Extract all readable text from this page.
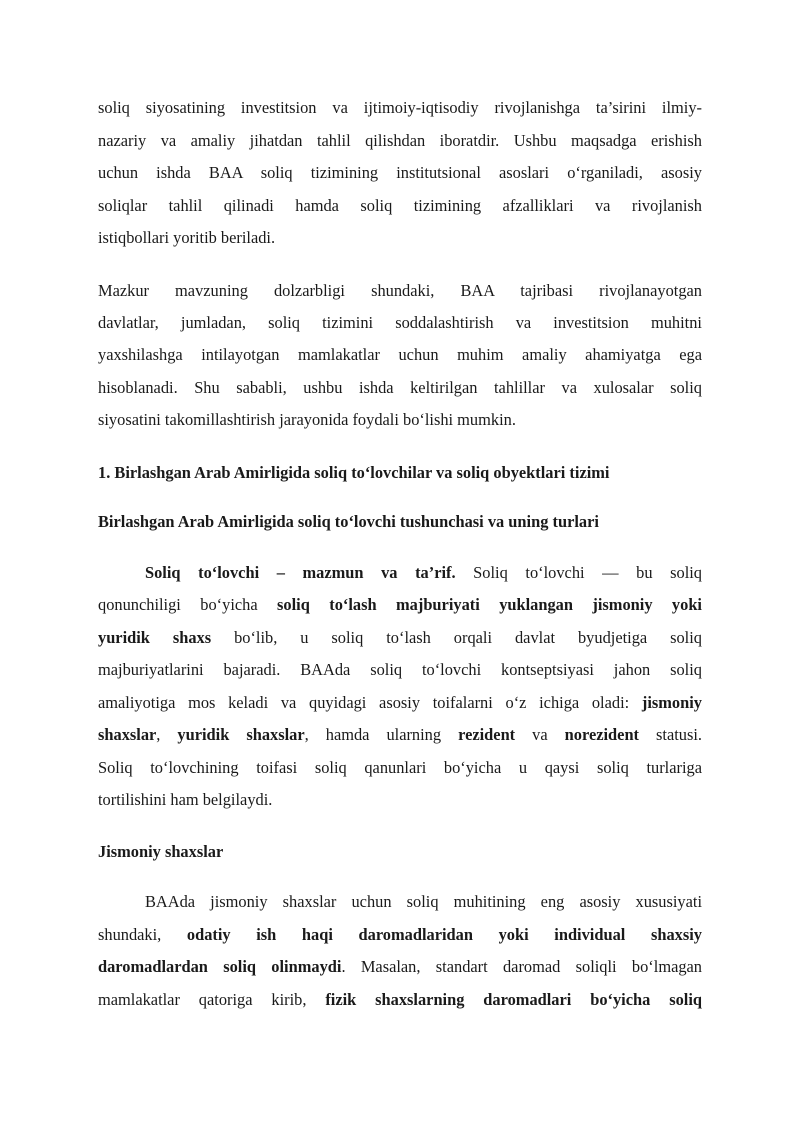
soliq siyosatining investitsion va ijtimoiy-iqtisodiy rivojlanishga ta’sirini ilmiy-
nazariy va amaliy jihatdan tahlil qilishdan iboratdir. Ushbu maqsadga erishish
uchun ishda BAA soliq tizimining institutsional asoslari o‘rganiladi, asosiy
soliqlar tahlil qilinadi hamda soliq tizimining afzalliklari va rivojlanish
istiqbollari yoritib beriladi.
Mazkur mavzuning dolzarbligi shundaki, BAA tajribasi rivojlanayotgan
davlatlar, jumladan, soliq tizimini soddalashtirish va investitsion muhitni
yaxshilashga intilayotgan mamlakatlar uchun muhim amaliy ahamiyatga ega
hisoblanadi. Shu sababli, ushbu ishda keltirilgan tahlillar va xulosalar soliq
siyosatini takomillashtirish jarayonida foydali bo‘lishi mumkin.
1. Birlashgan Arab Amirligida soliq to‘lovchilar va soliq obyektlari tizimi
Birlashgan Arab Amirligida soliq to‘lovchi tushunchasi va uning turlari
Soliq to‘lovchi – mazmun va ta’rif. Soliq to‘lovchi — bu soliq
qonunchiligi bo‘yicha soliq to‘lash majburiyati yuklangan jismoniy yoki
yuridik shaxs bo‘lib, u soliq to‘lash orqali davlat byudjetiga soliq
majburiyatlarini bajaradi. BAAda soliq to‘lovchi kontseptsiyasi jahon soliq
amaliyotiga mos keladi va quyidagi asosiy toifalarni o‘z ichiga oladi: jismoniy
shaxslar, yuridik shaxslar, hamda ularning rezident va norezident statusi.
Soliq to‘lovchining toifasi soliq qanunlari bo‘yicha u qaysi soliq turlariga
tortilishini ham belgilaydi.
Jismoniy shaxslar
BAAda jismoniy shaxslar uchun soliq muhitining eng asosiy xususiyati
shundaki, odatiy ish haqi daromadlaridan yoki individual shaxsiy
daromadlardan soliq olinmaydi. Masalan, standart daromad soliqli bo‘lmagan
mamlakatlar qatoriga kirib, fizik shaxslarning daromadlari bo‘yicha soliq
